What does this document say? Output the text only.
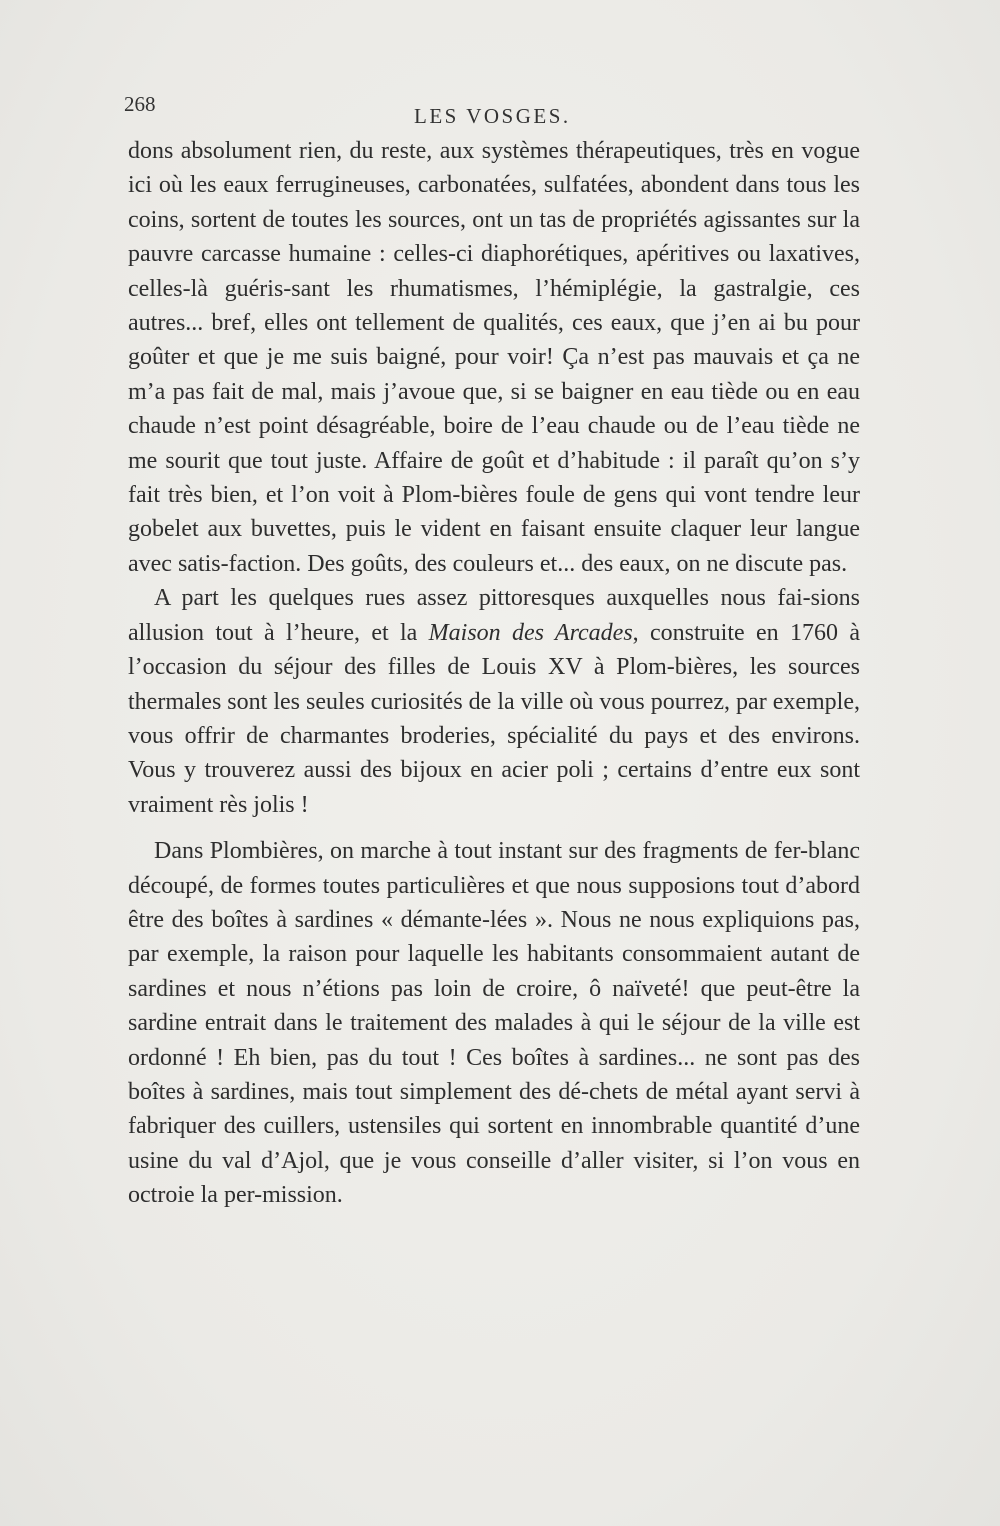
268	LES VOSGES.

dons absolument rien, du reste, aux systèmes thérapeutiques, très en vogue ici où les eaux ferrugineuses, carbonatées, sulfatées, abondent dans tous les coins, sortent de toutes les sources, ont un tas de propriétés agissantes sur la pauvre carcasse humaine : celles-ci diaphorétiques, apéritives ou laxatives, celles-là guéris-sant les rhumatismes, l’hémiplégie, la gastralgie, ces autres... bref, elles ont tellement de qualités, ces eaux, que j’en ai bu pour goûter et que je me suis baigné, pour voir! Ça n’est pas mauvais et ça ne m’a pas fait de mal, mais j’avoue que, si se baigner en eau tiède ou en eau chaude n’est point désagréable, boire de l’eau chaude ou de l’eau tiède ne me sourit que tout juste. Affaire de goût et d’habitude : il paraît qu’on s’y fait très bien, et l’on voit à Plom-bières foule de gens qui vont tendre leur gobelet aux buvettes, puis le vident en faisant ensuite claquer leur langue avec satis-faction. Des goûts, des couleurs et... des eaux, on ne discute pas.

A part les quelques rues assez pittoresques auxquelles nous fai-sions allusion tout à l’heure, et la Maison des Arcades, construite en 1760 à l’occasion du séjour des filles de Louis XV à Plom-bières, les sources thermales sont les seules curiosités de la ville où vous pourrez, par exemple, vous offrir de charmantes broderies, spécialité du pays et des environs. Vous y trouverez aussi des bijoux en acier poli ; certains d’entre eux sont vraiment rès jolis !

Dans Plombières, on marche à tout instant sur des fragments de fer-blanc découpé, de formes toutes particulières et que nous supposions tout d’abord être des boîtes à sardines « démante-lées ». Nous ne nous expliquions pas, par exemple, la raison pour laquelle les habitants consommaient autant de sardines et nous n’étions pas loin de croire, ô naïveté! que peut-être la sardine entrait dans le traitement des malades à qui le séjour de la ville est ordonné ! Eh bien, pas du tout ! Ces boîtes à sardines... ne sont pas des boîtes à sardines, mais tout simplement des dé-chets de métal ayant servi à fabriquer des cuillers, ustensiles qui sortent en innombrable quantité d’une usine du val d’Ajol, que je vous conseille d’aller visiter, si l’on vous en octroie la per-mission.
